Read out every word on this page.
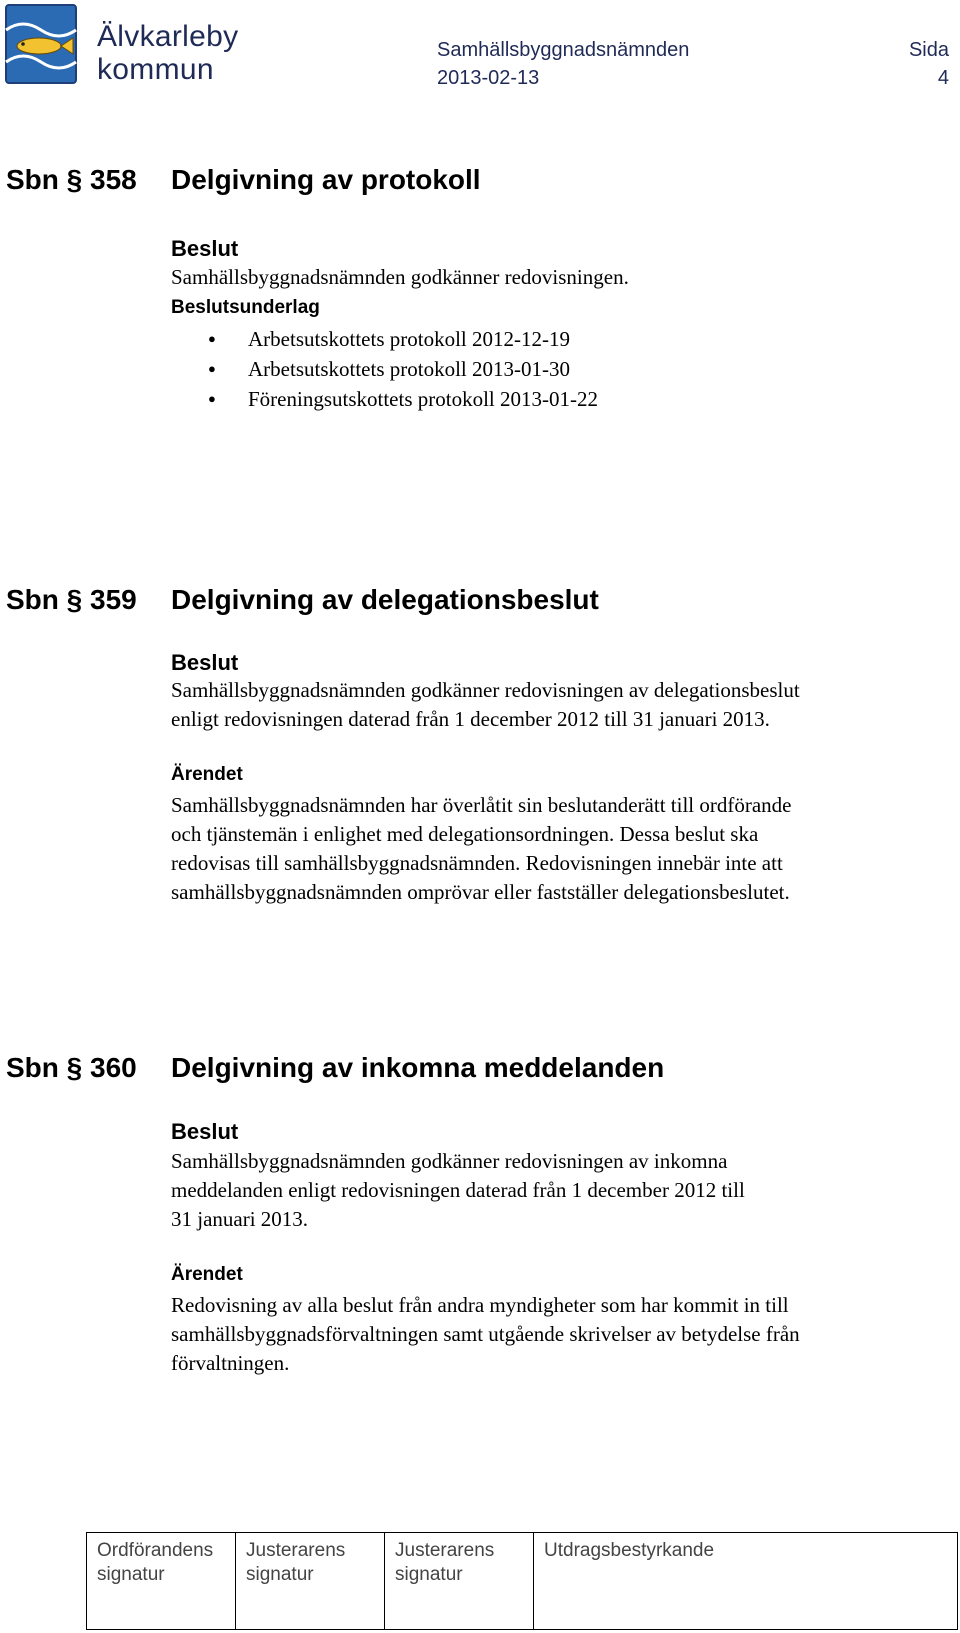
Älvkarleby
kommun
Samhällsbyggnadsnämnden
2013-02-13
Sida
4
Sbn § 358 Delgivning av protokoll
Beslut
Samhällsbyggnadsnämnden godkänner redovisningen.
Beslutsunderlag
● Arbetsutskottets protokoll 2012-12-19
● Arbetsutskottets protokoll 2013-01-30
● Föreningsutskottets protokoll 2013-01-22
Sbn § 359 Delgivning av delegationsbeslut
Beslut
Samhällsbyggnadsnämnden godkänner redovisningen av delegationsbeslut
enligt redovisningen daterad från 1 december 2012 till 31 januari 2013.
Ärendet
Samhällsbyggnadsnämnden har överlåtit sin beslutanderätt till ordförande
och tjänstemän i enlighet med delegationsordningen. Dessa beslut ska
redovisas till samhällsbyggnadsnämnden. Redovisningen innebär inte att
samhällsbyggnadsnämnden omprövar eller fastställer delegationsbeslutet.
Sbn § 360 Delgivning av inkomna meddelanden
Beslut
Samhällsbyggnadsnämnden godkänner redovisningen av inkomna
meddelanden enligt redovisningen daterad från 1 december 2012 till
31 januari 2013.
Ärendet
Redovisning av alla beslut från andra myndigheter som har kommit in till
samhällsbyggnadsförvaltningen samt utgående skrivelser av betydelse från
förvaltningen.
Ordförandens
signatur

Justerarens
signatur

Justerarens
signatur

Utdragsbestyrkande
